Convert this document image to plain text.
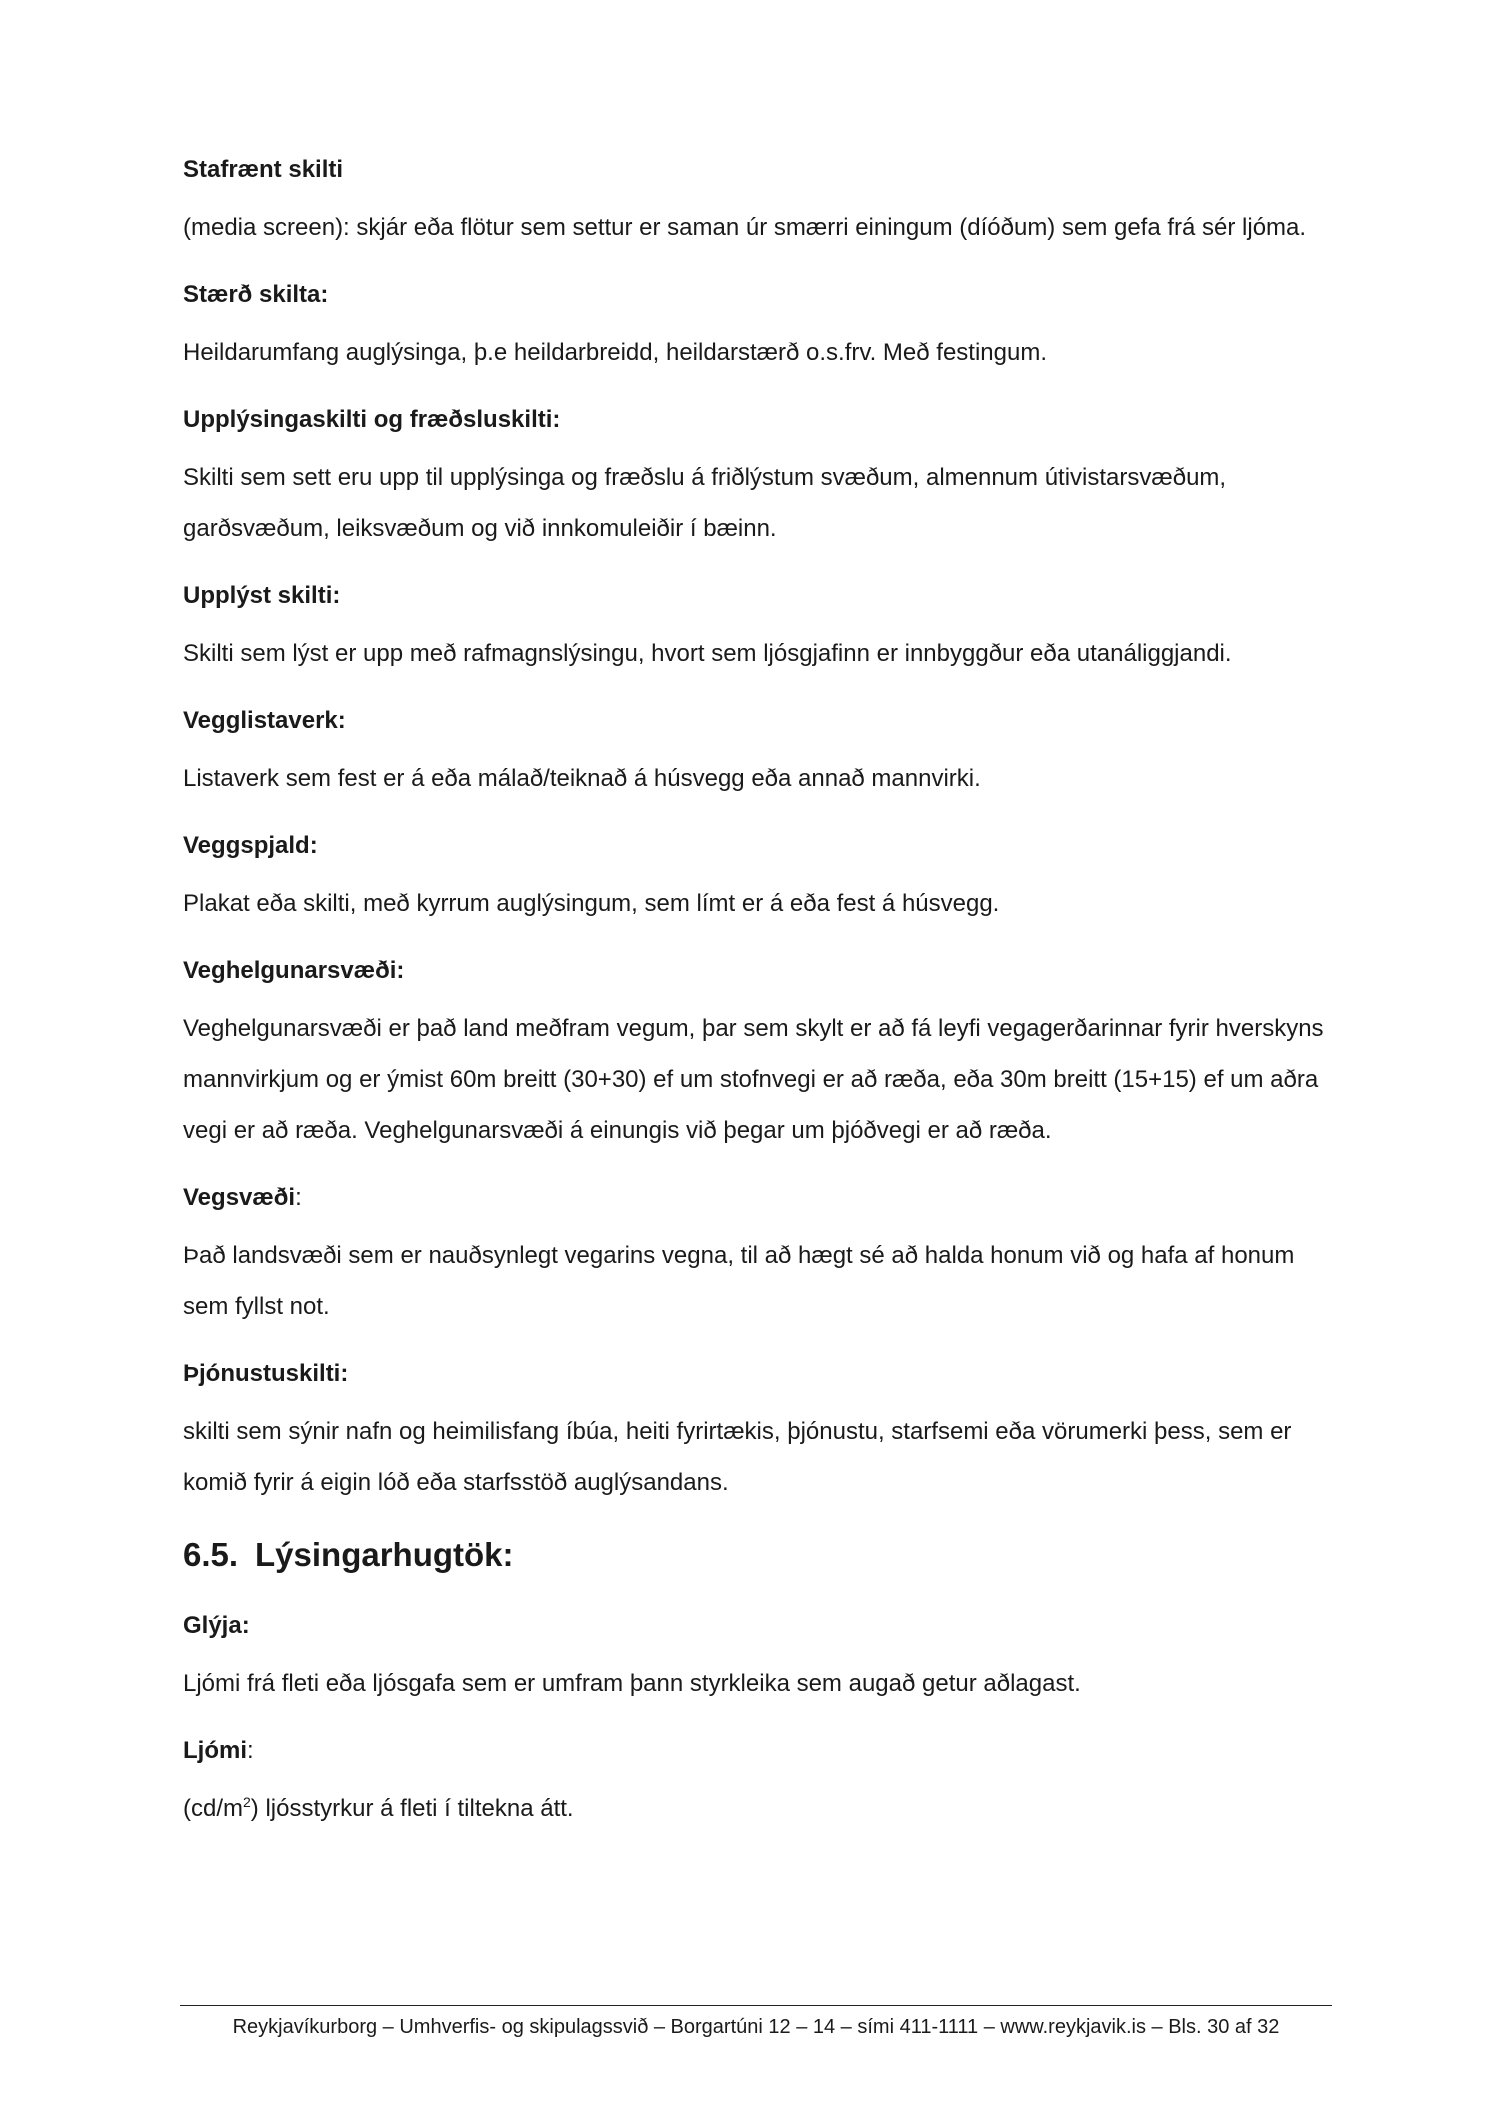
Stafrænt skilti

(media screen): skjár eða flötur sem settur er saman úr smærri einingum (díóðum) sem gefa frá sér ljóma.

Stærð skilta:

Heildarumfang auglýsinga, þ.e heildarbreidd, heildarstærð o.s.frv. Með festingum.

Upplýsingaskilti og fræðsluskilti:

Skilti sem sett eru upp til upplýsinga og fræðslu á friðlýstum svæðum, almennum útivistarsvæðum, garðsvæðum, leiksvæðum og við innkomuleiðir í bæinn.

Upplýst skilti:

Skilti sem lýst er upp með rafmagnslýsingu, hvort sem ljósgjafinn er innbyggður eða utanáliggjandi.

Vegglistaverk:

Listaverk sem fest er á eða málað/teiknað á húsvegg eða annað mannvirki.

Veggspjald:

Plakat eða skilti, með kyrrum auglýsingum, sem límt er á eða fest á húsvegg.

Veghelgunarsvæði:

Veghelgunarsvæði er það land meðfram vegum, þar sem skylt er að fá leyfi vegagerðarinnar fyrir hverskyns mannvirkjum og er ýmist 60m breitt (30+30) ef um stofnvegi er að ræða, eða 30m breitt (15+15) ef um aðra vegi er að ræða. Veghelgunarsvæði á einungis við þegar um þjóðvegi er að ræða.

Vegsvæði:

Það landsvæði sem er nauðsynlegt vegarins vegna, til að hægt sé að halda honum við og hafa af honum sem fyllst not.

Þjónustuskilti:

skilti sem sýnir nafn og heimilisfang íbúa, heiti fyrirtækis, þjónustu, starfsemi eða vörumerki þess, sem er komið fyrir á eigin lóð eða starfsstöð auglýsandans.

6.5. Lýsingarhugtök:
Glýja:

Ljómi frá fleti eða ljósgafa sem er umfram þann styrkleika sem augað getur aðlagast.

Ljómi:

$(cd/m^2)$ ljósstyrkur á fleti í tiltekna átt.

Reykjavíkurborg – Umhverfis- og skipulagssvið – Borgartúni 12 – 14 – sími 411-1111 – www.reykjavik.is – Bls. 30 af 32
